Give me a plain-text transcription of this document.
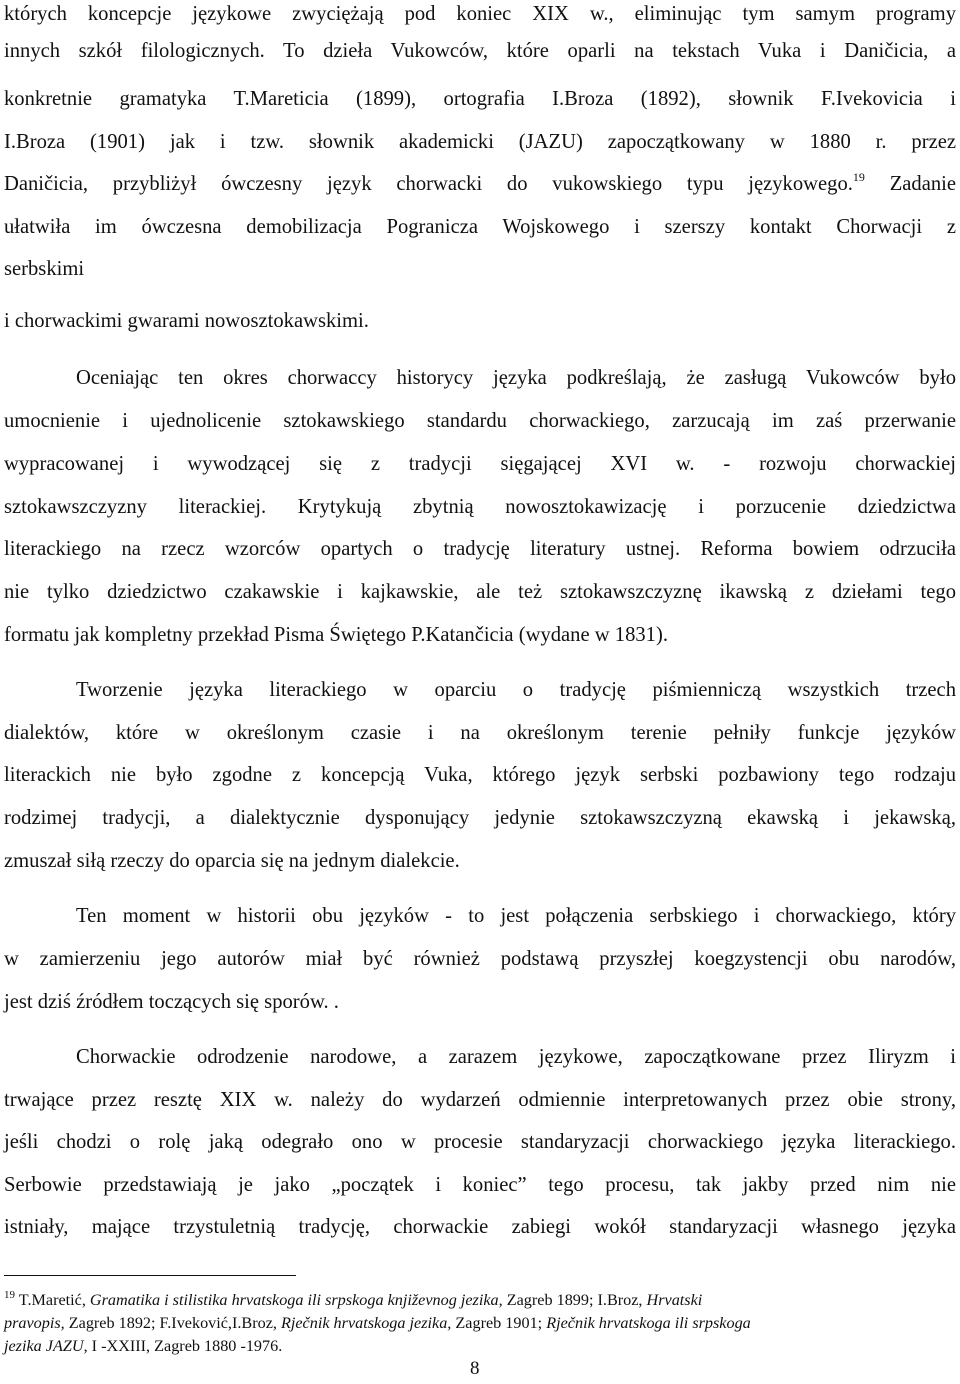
których koncepcje językowe zwyciężają pod koniec XIX w., eliminując tym samym programy
innych szkół filologicznych. To dzieła Vukowców, które oparli na tekstach Vuka i Daničicia, a
konkretnie gramatyka T.Mareticia (1899), ortografia I.Broza (1892), słownik F.Ivekovicia i
I.Broza (1901) jak i tzw. słownik akademicki (JAZU) zapoczątkowany w 1880 r. przez
Daničicia, przybliżył ówczesny język chorwacki do vukowskiego typu językowego.$^{19}$ Zadanie
ułatwiła im ówczesna demobilizacja Pogranicza Wojskowego i szerszy kontakt Chorwacji z
serbskimi
i chorwackimi gwarami nowosztokawskimi.
Oceniając ten okres chorwaccy historycy języka podkreślają, że zasługą Vukowców było
umocnienie i ujednolicenie sztokawskiego standardu chorwackiego, zarzucają im zaś przerwanie
wypracowanej i wywodzącej się z tradycji sięgającej XVI w. - rozwoju chorwackiej
sztokawszczyzny literackiej. Krytykują zbytnią nowosztokawizację i porzucenie dziedzictwa
literackiego na rzecz wzorców opartych o tradycję literatury ustnej. Reforma bowiem odrzuciła
nie tylko dziedzictwo czakawskie i kajkawskie, ale też sztokawszczyznę ikawską z dziełami tego
formatu jak kompletny przekład Pisma Świętego P.Katančicia (wydane w 1831).
Tworzenie języka literackiego w oparciu o tradycję piśmienniczą wszystkich trzech
dialektów, które w określonym czasie i na określonym terenie pełniły funkcje języków
literackich nie było zgodne z koncepcją Vuka, którego język serbski pozbawiony tego rodzaju
rodzimej tradycji, a dialektycznie dysponujący jedynie sztokawszczyzną ekawską i jekawską,
zmuszał siłą rzeczy do oparcia się na jednym dialekcie.
Ten moment w historii obu języków - to jest połączenia serbskiego i chorwackiego, który
w zamierzeniu jego autorów miał być również podstawą przyszłej koegzystencji obu narodów,
jest dziś źródłem toczących się sporów. .
Chorwackie odrodzenie narodowe, a zarazem językowe, zapoczątkowane przez Iliryzm i
trwające przez resztę XIX w. należy do wydarzeń odmiennie interpretowanych przez obie strony,
jeśli chodzi o rolę jaką odegrało ono w procesie standaryzacji chorwackiego języka literackiego.
Serbowie przedstawiają je jako „początek i koniec” tego procesu, tak jakby przed nim nie
istniały, mające trzystuletnią tradycję, chorwackie zabiegi wokół standaryzacji własnego języka
$^{19}$ T.Maretić, Gramatika i stilistika hrvatskoga ili srpskoga književnog jezika, Zagreb 1899; I.Broz, Hrvatski
pravopis, Zagreb 1892; F.Iveković,I.Broz, Rječnik hrvatskoga jezika, Zagreb 1901; Rječnik hrvatskoga ili srpskoga
jezika JAZU, I -XXIII, Zagreb 1880 -1976.
8
